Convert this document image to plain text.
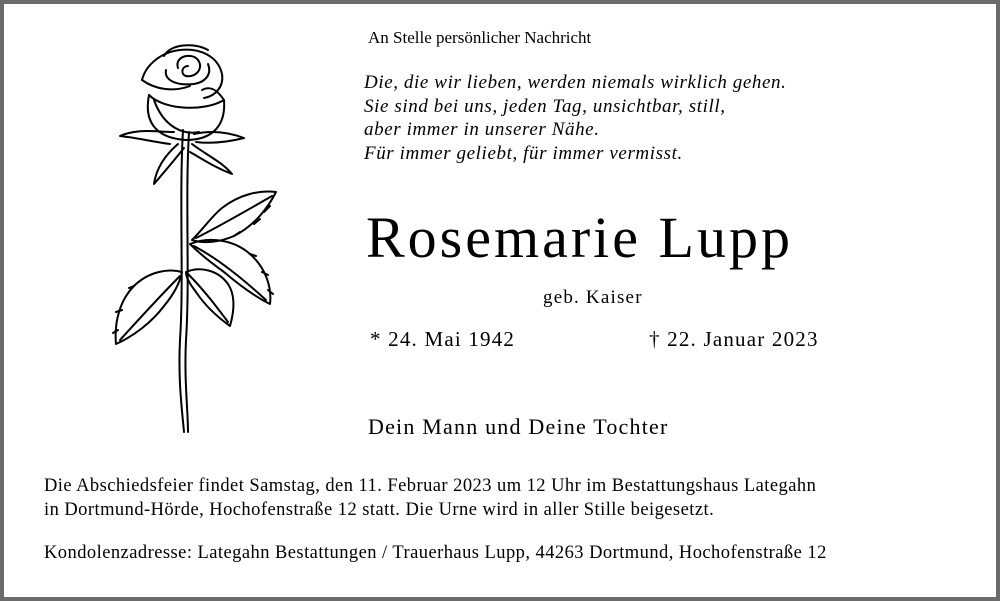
An Stelle persönlicher Nachricht
Die, die wir lieben, werden niemals wirklich gehen.
Sie sind bei uns, jeden Tag, unsichtbar, still,
aber immer in unserer Nähe.
Für immer geliebt, für immer vermisst.
Rosemarie Lupp
geb. Kaiser
* 24. Mai 1942	† 22. Januar 2023
Dein Mann und Deine Tochter
Die Abschiedsfeier findet Samstag, den 11. Februar 2023 um 12 Uhr im Bestattungshaus Lategahn
in Dortmund-Hörde, Hochofenstraße 12 statt. Die Urne wird in aller Stille beigesetzt.
Kondolenzadresse: Lategahn Bestattungen / Trauerhaus Lupp, 44263 Dortmund, Hochofenstraße 12
